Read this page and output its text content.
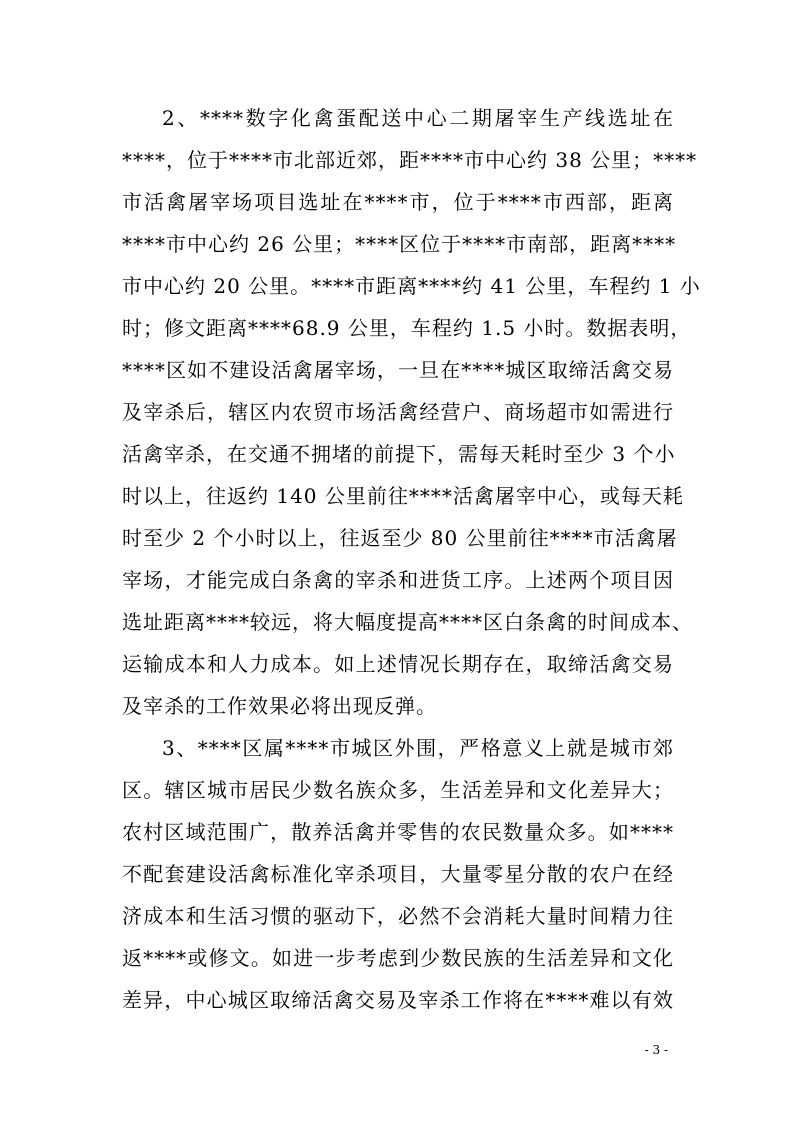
2、****数字化禽蛋配送中心二期屠宰生产线选址在
****，位于****市北部近郊，距****市中心约 38 公里；****
市活禽屠宰场项目选址在****市，位于****市西部，距离
****市中心约 26 公里；****区位于****市南部，距离****
市中心约 20 公里。****市距离****约 41 公里，车程约 1 小
时；修文距离****68.9 公里，车程约 1.5 小时。数据表明，
****区如不建设活禽屠宰场，一旦在****城区取缔活禽交易
及宰杀后，辖区内农贸市场活禽经营户、商场超市如需进行
活禽宰杀，在交通不拥堵的前提下，需每天耗时至少 3 个小
时以上，往返约 140 公里前往****活禽屠宰中心，或每天耗
时至少 2 个小时以上，往返至少 80 公里前往****市活禽屠
宰场，才能完成白条禽的宰杀和进货工序。上述两个项目因
选址距离****较远，将大幅度提高****区白条禽的时间成本、
运输成本和人力成本。如上述情况长期存在，取缔活禽交易
及宰杀的工作效果必将出现反弹。
3、****区属****市城区外围，严格意义上就是城市郊
区。辖区城市居民少数名族众多，生活差异和文化差异大；
农村区域范围广，散养活禽并零售的农民数量众多。如****
不配套建设活禽标准化宰杀项目，大量零星分散的农户在经
济成本和生活习惯的驱动下，必然不会消耗大量时间精力往
返****或修文。如进一步考虑到少数民族的生活差异和文化
差异，中心城区取缔活禽交易及宰杀工作将在****难以有效
- 3 -
